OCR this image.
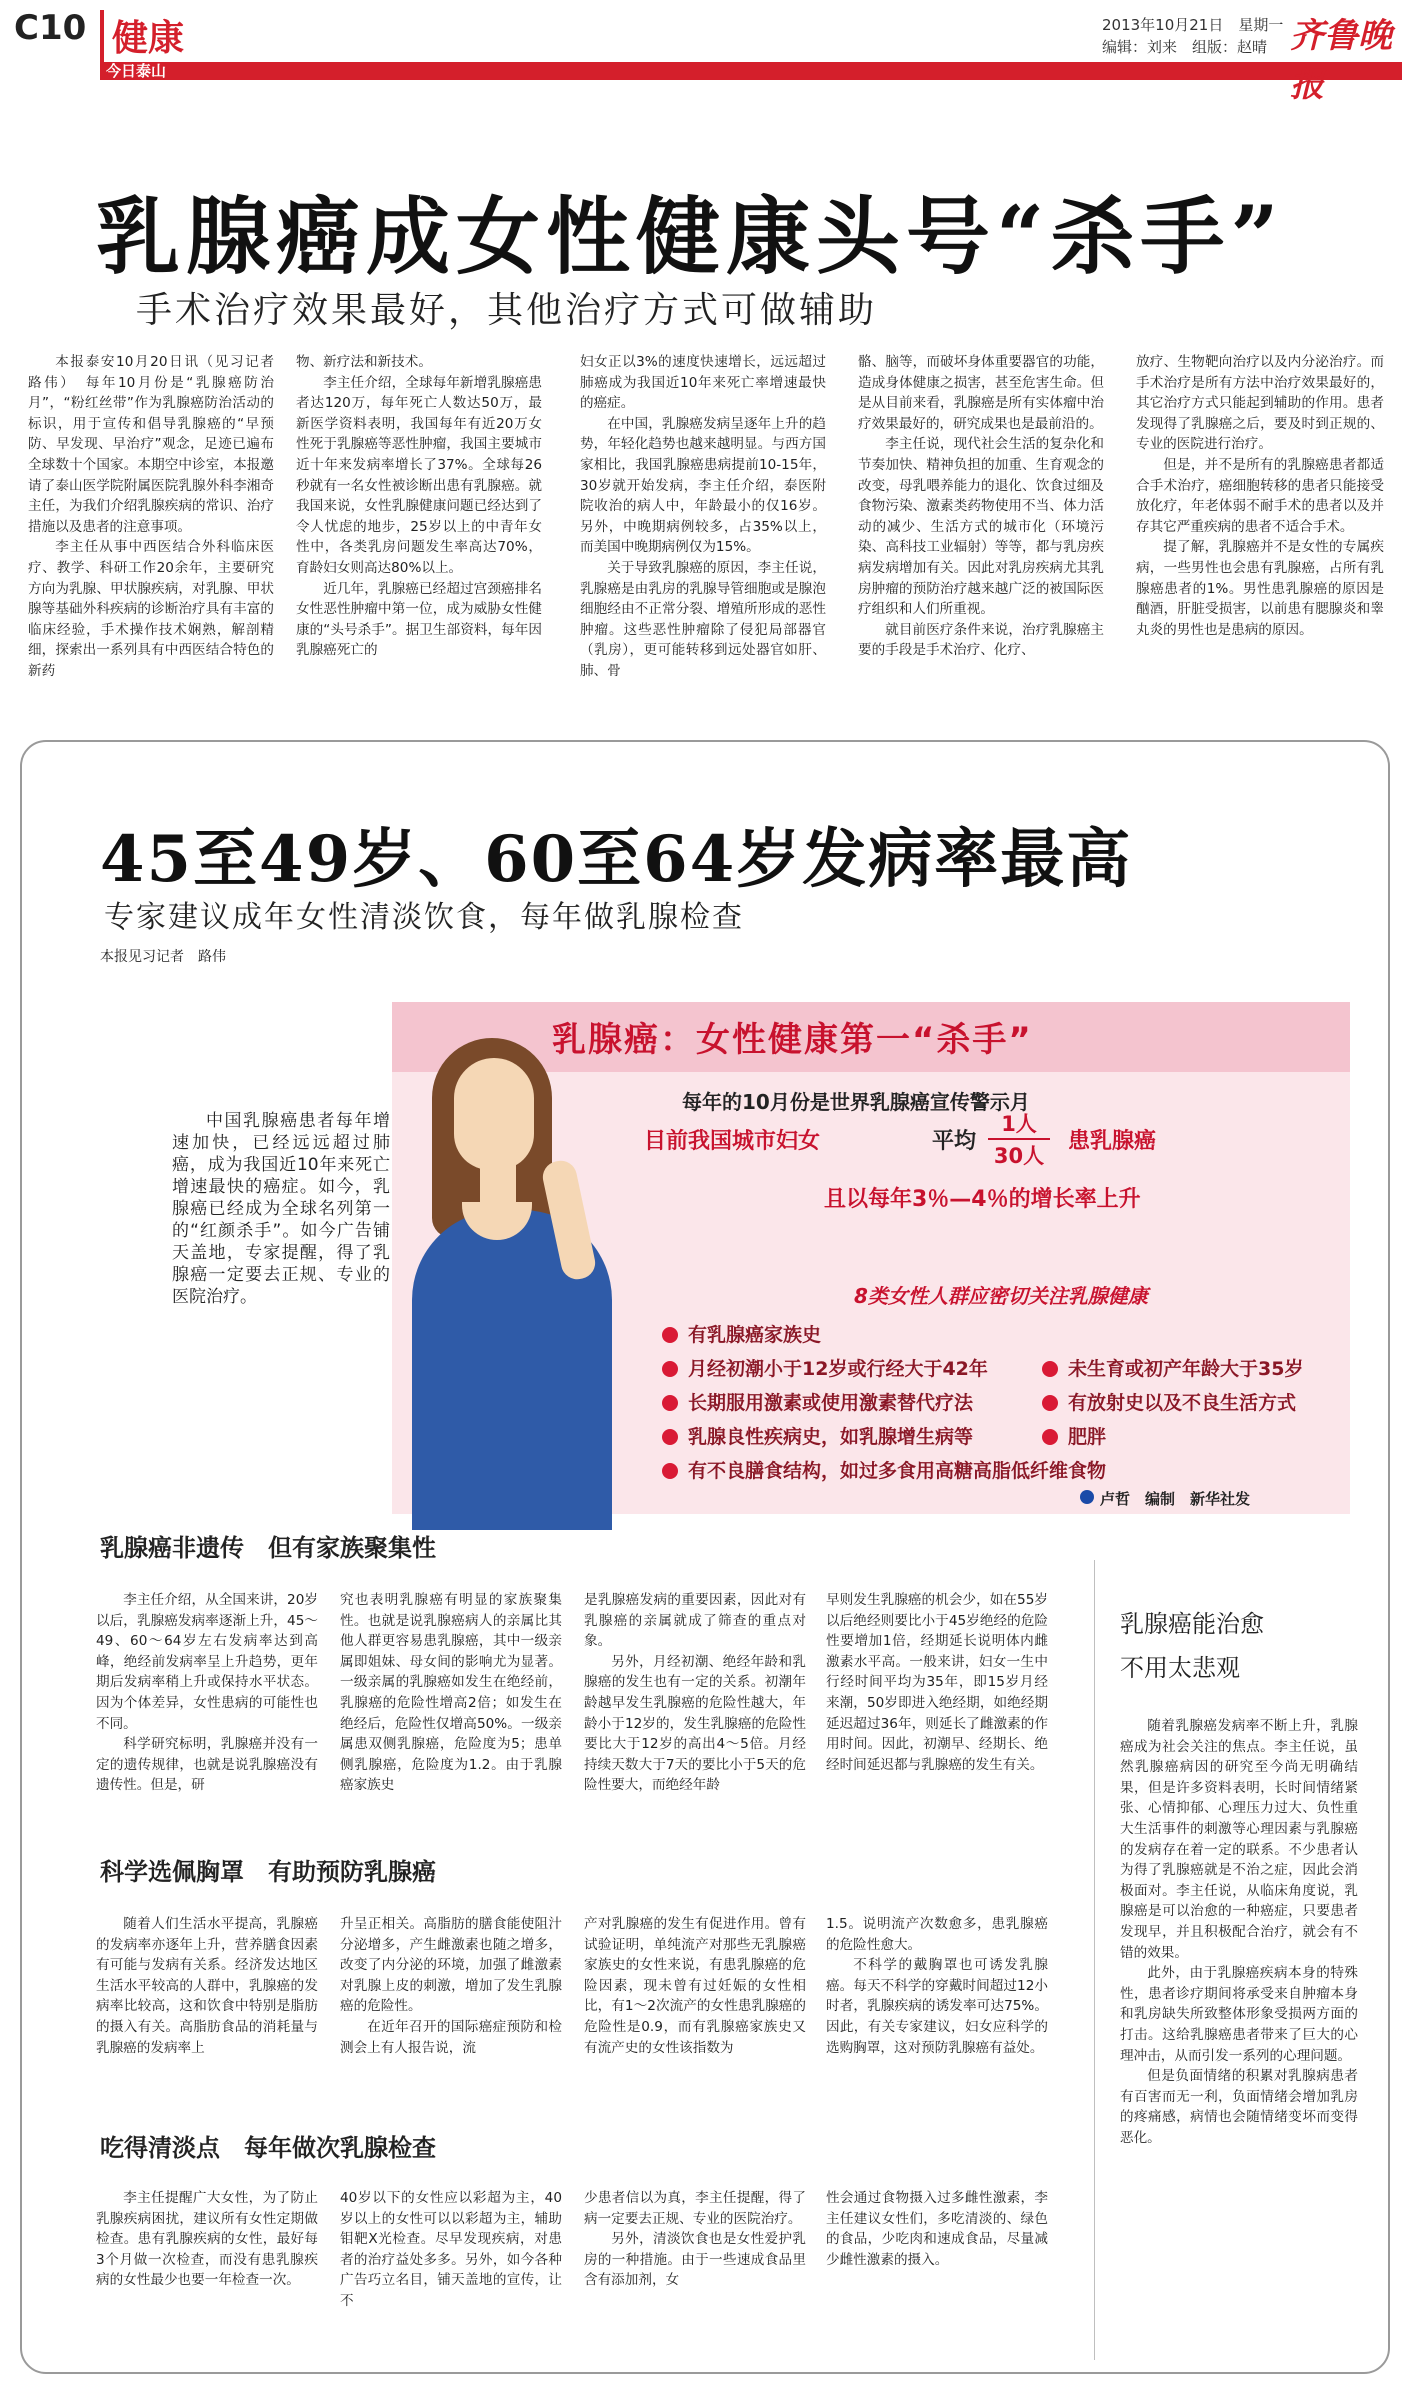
C10 健康
今日泰山
2013年10月21日　星期一
编辑：刘来　组版：赵晴 齐鲁晚报
乳腺癌成女性健康头号“杀手”
手术治疗效果最好，其他治疗方式可做辅助

本报泰安10月20日讯（见习记者　路伟）　每年10月份是“乳腺癌防治月”，“粉红丝带”作为乳腺癌防治活动的标识，用于宣传和倡导乳腺癌的“早预防、早发现、早治疗”观念，足迹已遍布全球数十个国家。本期空中诊室，本报邀请了泰山医学院附属医院乳腺外科李湘奇主任，为我们介绍乳腺疾病的常识、治疗措施以及患者的注意事项。

李主任从事中西医结合外科临床医疗、教学、科研工作20余年，主要研究方向为乳腺、甲状腺疾病，对乳腺、甲状腺等基础外科疾病的诊断治疗具有丰富的临床经验，手术操作技术娴熟，解剖精细，探索出一系列具有中西医结合特色的新药

物、新疗法和新技术。

李主任介绍，全球每年新增乳腺癌患者达120万，每年死亡人数达50万，最新医学资料表明，我国每年有近20万女性死于乳腺癌等恶性肿瘤，我国主要城市近十年来发病率增长了37%。全球每26秒就有一名女性被诊断出患有乳腺癌。就我国来说，女性乳腺健康问题已经达到了令人忧虑的地步，25岁以上的中青年女性中，各类乳房问题发生率高达70%，育龄妇女则高达80%以上。

近几年，乳腺癌已经超过宫颈癌排名女性恶性肿瘤中第一位，成为威胁女性健康的“头号杀手”。据卫生部资料，每年因乳腺癌死亡的

妇女正以3%的速度快速增长，远远超过肺癌成为我国近10年来死亡率增速最快的癌症。

在中国，乳腺癌发病呈逐年上升的趋势，年轻化趋势也越来越明显。与西方国家相比，我国乳腺癌患病提前10-15年，30岁就开始发病，李主任介绍，泰医附院收治的病人中，年龄最小的仅16岁。另外，中晚期病例较多，占35%以上，而美国中晚期病例仅为15%。

关于导致乳腺癌的原因，李主任说，乳腺癌是由乳房的乳腺导管细胞或是腺泡细胞经由不正常分裂、增殖所形成的恶性肿瘤。这些恶性肿瘤除了侵犯局部器官（乳房），更可能转移到远处器官如肝、肺、骨

骼、脑等，而破坏身体重要器官的功能，造成身体健康之损害，甚至危害生命。但是从目前来看，乳腺癌是所有实体瘤中治疗效果最好的，研究成果也是最前沿的。

李主任说，现代社会生活的复杂化和节奏加快、精神负担的加重、生育观念的改变，母乳喂养能力的退化、饮食过细及食物污染、激素类药物使用不当、体力活动的减少、生活方式的城市化（环境污染、高科技工业辐射）等等，都与乳房疾病发病增加有关。因此对乳房疾病尤其乳房肿瘤的预防治疗越来越广泛的被国际医疗组织和人们所重视。

就目前医疗条件来说，治疗乳腺癌主要的手段是手术治疗、化疗、

放疗、生物靶向治疗以及内分泌治疗。而手术治疗是所有方法中治疗效果最好的，其它治疗方式只能起到辅助的作用。患者发现得了乳腺癌之后，要及时到正规的、专业的医院进行治疗。

但是，并不是所有的乳腺癌患者都适合手术治疗，癌细胞转移的患者只能接受放化疗，年老体弱不耐手术的患者以及并存其它严重疾病的患者不适合手术。

提了解，乳腺癌并不是女性的专属疾病，一些男性也会患有乳腺癌，占所有乳腺癌患者的1%。男性患乳腺癌的原因是酗酒，肝脏受损害，以前患有腮腺炎和睾丸炎的男性也是患病的原因。

45至49岁、60至64岁发病率最高
专家建议成年女性清淡饮食，每年做乳腺检查
本报见习记者　路伟

中国乳腺癌患者每年增速加快，已经远远超过肺癌，成为我国近10年来死亡增速最快的癌症。如今，乳腺癌已经成为全球名列第一的“红颜杀手”。如今广告铺天盖地，专家提醒，得了乳腺癌一定要去正规、专业的医院治疗。

乳腺癌：女性健康第一“杀手”
每年的10月份是世界乳腺癌宣传警示月
目前我国城市妇女	平均
1人
30人
患乳腺癌
且以每年3％—4％的增长率上升
8类女性人群应密切关注乳腺健康
有乳腺癌家族史
月经初潮小于12岁或行经大于42年	未生育或初产年龄大于35岁
长期服用激素或使用激素替代疗法	有放射史以及不良生活方式
乳腺良性疾病史，如乳腺增生病等	肥胖
有不良膳食结构，如过多食用高糖高脂低纤维食物
卢哲　编制　新华社发
乳腺癌非遗传　但有家族聚集性

李主任介绍，从全国来讲，20岁以后，乳腺癌发病率逐渐上升，45～49、60～64岁左右发病率达到高峰，绝经前发病率呈上升趋势，更年期后发病率稍上升或保持水平状态。因为个体差异，女性患病的可能性也不同。

科学研究标明，乳腺癌并没有一定的遗传规律，也就是说乳腺癌没有遗传性。但是，研

究也表明乳腺癌有明显的家族聚集性。也就是说乳腺癌病人的亲属比其他人群更容易患乳腺癌，其中一级亲属即姐妹、母女间的影响尤为显著。一级亲属的乳腺癌如发生在绝经前，乳腺癌的危险性增高2倍；如发生在绝经后，危险性仅增高50%。一级亲属患双侧乳腺癌，危险度为5；患单侧乳腺癌，危险度为1.2。由于乳腺癌家族史

是乳腺癌发病的重要因素，因此对有乳腺癌的亲属就成了筛查的重点对象。

另外，月经初潮、绝经年龄和乳腺癌的发生也有一定的关系。初潮年龄越早发生乳腺癌的危险性越大，年龄小于12岁的，发生乳腺癌的危险性要比大于12岁的高出4～5倍。月经持续天数大于7天的要比小于5天的危险性要大，而绝经年龄

早则发生乳腺癌的机会少，如在55岁以后绝经则要比小于45岁绝经的危险性要增加1倍，经期延长说明体内雌激素水平高。一般来讲，妇女一生中行经时间平均为35年，即15岁月经来潮，50岁即进入绝经期，如绝经期延迟超过36年，则延长了雌激素的作用时间。因此，初潮早、经期长、绝经时间延迟都与乳腺癌的发生有关。

科学选佩胸罩　有助预防乳腺癌

随着人们生活水平提高，乳腺癌的发病率亦逐年上升，营养膳食因素有可能与发病有关系。经济发达地区生活水平较高的人群中，乳腺癌的发病率比较高，这和饮食中特别是脂肪的摄入有关。高脂肪食品的消耗量与乳腺癌的发病率上

升呈正相关。高脂肪的膳食能使阻汁分泌增多，产生雌激素也随之增多，改变了内分泌的环境，加强了雌激素对乳腺上皮的刺激，增加了发生乳腺癌的危险性。

在近年召开的国际癌症预防和检测会上有人报告说，流

产对乳腺癌的发生有促进作用。曾有试验证明，单纯流产对那些无乳腺癌家族史的女性来说，有患乳腺癌的危险因素，现未曾有过妊娠的女性相比，有1～2次流产的女性患乳腺癌的危险性是0.9，而有乳腺癌家族史又有流产史的女性该指数为

1.5。说明流产次数愈多，患乳腺癌的危险性愈大。

不科学的戴胸罩也可诱发乳腺癌。每天不科学的穿戴时间超过12小时者，乳腺疾病的诱发率可达75%。因此，有关专家建议，妇女应科学的选购胸罩，这对预防乳腺癌有益处。

吃得清淡点　每年做次乳腺检查

李主任提醒广大女性，为了防止乳腺疾病困扰，建议所有女性定期做检查。患有乳腺疾病的女性，最好每3个月做一次检查，而没有患乳腺疾病的女性最少也要一年检查一次。

40岁以下的女性应以彩超为主，40岁以上的女性可以以彩超为主，辅助钼靶X光检查。尽早发现疾病，对患者的治疗益处多多。另外，如今各种广告巧立名目，铺天盖地的宣传，让不

少患者信以为真，李主任提醒，得了病一定要去正规、专业的医院治疗。

另外，清淡饮食也是女性爱护乳房的一种措施。由于一些速成食品里含有添加剂，女

性会通过食物摄入过多雌性激素，李主任建议女性们，多吃清淡的、绿色的食品，少吃肉和速成食品，尽量减少雌性激素的摄入。

乳腺癌能治愈
不用太悲观

随着乳腺癌发病率不断上升，乳腺癌成为社会关注的焦点。李主任说，虽然乳腺癌病因的研究至今尚无明确结果，但是许多资料表明，长时间情绪紧张、心情抑郁、心理压力过大、负性重大生活事件的刺激等心理因素与乳腺癌的发病存在着一定的联系。不少患者认为得了乳腺癌就是不治之症，因此会消极面对。李主任说，从临床角度说，乳腺癌是可以治愈的一种癌症，只要患者发现早，并且积极配合治疗，就会有不错的效果。

此外，由于乳腺癌疾病本身的特殊性，患者诊疗期间将承受来自肿瘤本身和乳房缺失所致整体形象受损两方面的打击。这给乳腺癌患者带来了巨大的心理冲击，从而引发一系列的心理问题。

但是负面情绪的积累对乳腺病患者有百害而无一利，负面情绪会增加乳房的疼痛感，病情也会随情绪变坏而变得恶化。
